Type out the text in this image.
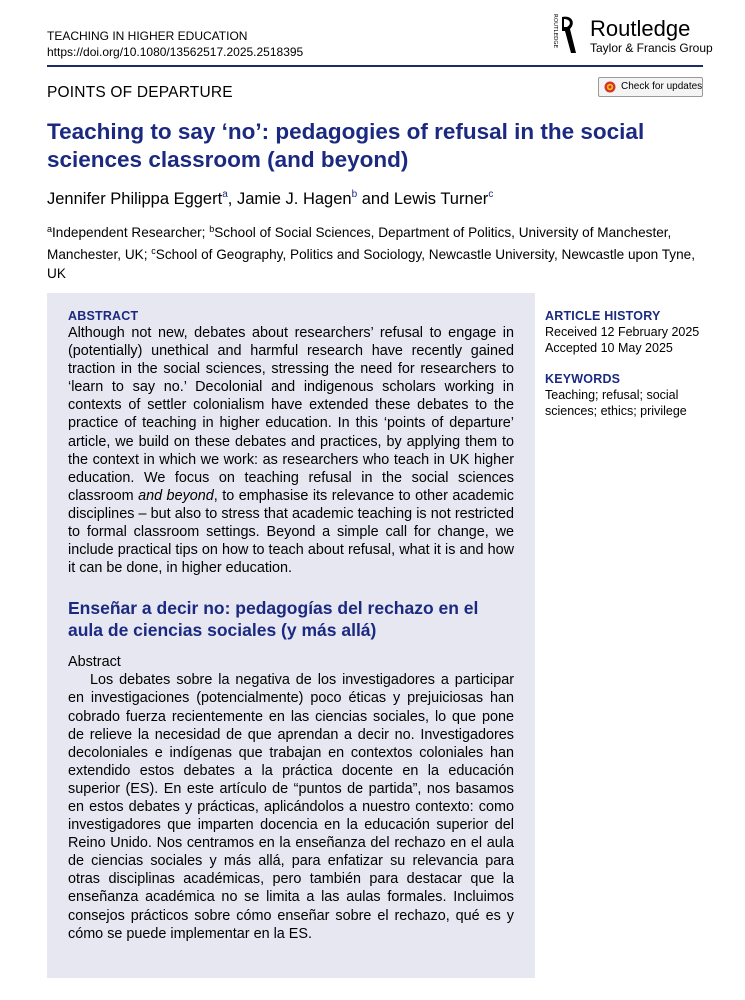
TEACHING IN HIGHER EDUCATION
https://doi.org/10.1080/13562517.2025.2518395
ROUTLEDGE Routledge
Taylor & Francis Group
POINTS OF DEPARTURE	Check for updates
Teaching to say ‘no’: pedagogies of refusal in the social sciences classroom (and beyond)
Jennifer Philippa Eggert$^a$, Jamie J. Hagen$^b$ and Lewis Turner$^c$
$^a$Independent Researcher; $^b$School of Social Sciences, Department of Politics, University of Manchester, Manchester, UK; $^c$School of Geography, Politics and Sociology, Newcastle University, Newcastle upon Tyne, UK
ABSTRACT

Although not new, debates about researchers’ refusal to engage in (potentially) unethical and harmful research have recently gained traction in the social sciences, stressing the need for researchers to ‘learn to say no.’ Decolonial and indigenous scholars working in contexts of settler colonialism have extended these debates to the practice of teaching in higher education. In this ‘points of departure’ article, we build on these debates and practices, by applying them to the context in which we work: as researchers who teach in UK higher education. We focus on teaching refusal in the social sciences classroom and beyond, to emphasise its relevance to other academic disciplines – but also to stress that academic teaching is not restricted to formal classroom settings. Beyond a simple call for change, we include practical tips on how to teach about refusal, what it is and how it can be done, in higher education.

Enseñar a decir no: pedagogías del rechazo en el aula de ciencias sociales (y más allá)
Abstract

Los debates sobre la negativa de los investigadores a participar en investigaciones (potencialmente) poco éticas y prejuiciosas han cobrado fuerza recientemente en las ciencias sociales, lo que pone de relieve la necesidad de que aprendan a decir no. Investigadores decoloniales e indígenas que trabajan en contextos coloniales han extendido estos debates a la práctica docente en la educación superior (ES). En este artículo de “puntos de partida”, nos basamos en estos debates y prácticas, aplicándolos a nuestro contexto: como investigadores que imparten docencia en la educación superior del Reino Unido. Nos centramos en la enseñanza del rechazo en el aula de ciencias sociales y más allá, para enfatizar su relevancia para otras disciplinas académicas, pero también para destacar que la enseñanza académica no se limita a las aulas formales. Incluimos consejos prácticos sobre cómo enseñar sobre el rechazo, qué es y cómo se puede implementar en la ES.

ARTICLE HISTORY
Received 12 February 2025
Accepted 10 May 2025
KEYWORDS
Teaching; refusal; social sciences; ethics; privilege
